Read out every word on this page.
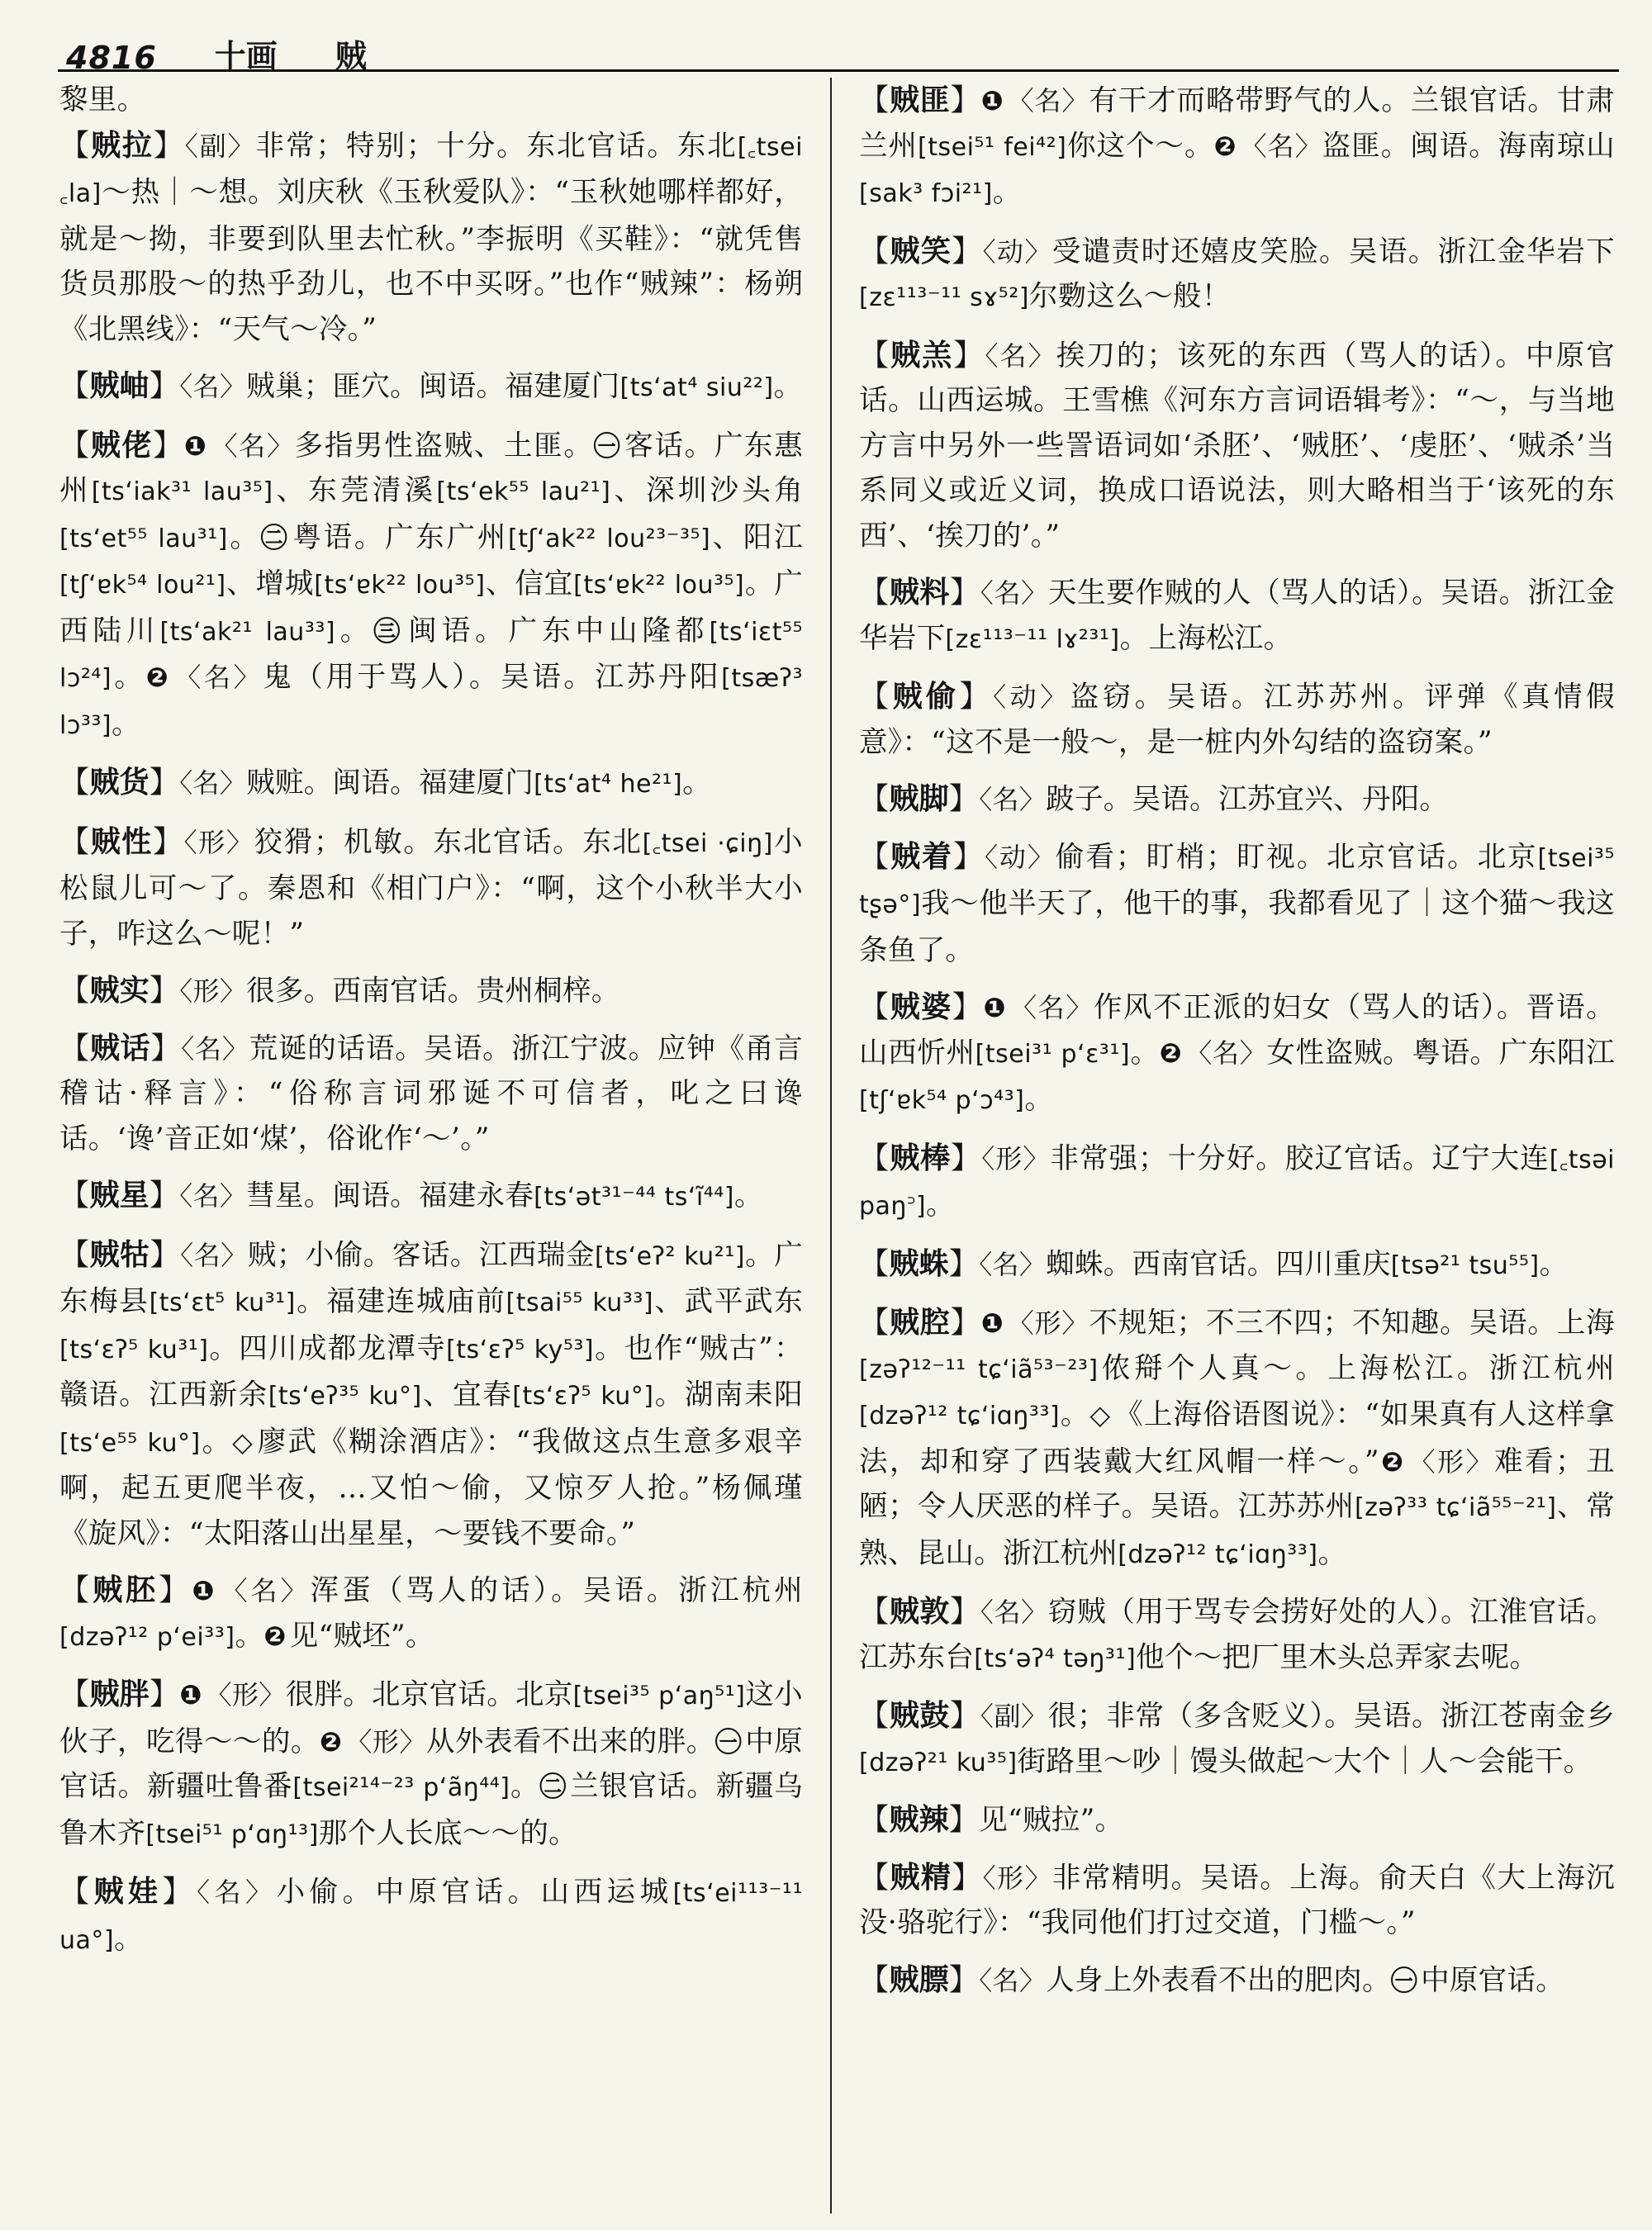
4816 十画 贼

黎里。

【贼拉】〈副〉非常；特别；十分。东北官话。东北[꜀tsei ꜀la]～热｜～想。刘庆秋《玉秋爱队》：“玉秋她哪样都好，就是～拗，非要到队里去忙秋。”李振明《买鞋》：“就凭售货员那股～的热乎劲儿，也不中买呀。”也作“贼辣”：杨朔《北黑线》：“天气～冷。”

【贼岫】〈名〉贼巢；匪穴。闽语。福建厦门[ts‘at⁴ siu²²]。

【贼佬】❶ 〈名〉多指男性盗贼、土匪。㊀ 客话。广东惠州[ts‘iak³¹ lau³⁵]、东莞清溪[ts‘ek⁵⁵ lau²¹]、深圳沙头角[ts‘et⁵⁵ lau³¹]。㊁ 粤语。广东广州[tʃ‘ak²² lou²³⁻³⁵]、阳江[tʃ‘ɐk⁵⁴ lou²¹]、增城[ts‘ɐk²² lou³⁵]、信宜[ts‘ɐk²² lou³⁵]。广西陆川[ts‘ak²¹ lau³³]。㊂ 闽语。广东中山隆都[ts‘iɛt⁵⁵ lɔ²⁴]。❷ 〈名〉鬼（用于骂人）。吴语。江苏丹阳[tsæʔ³ lɔ³³]。

【贼货】〈名〉贼赃。闽语。福建厦门[ts‘at⁴ he²¹]。

【贼性】〈形〉狡猾；机敏。东北官话。东北[꜀tsei ·ɕiŋ]小松鼠儿可～了。秦恩和《相门户》：“啊，这个小秋半大小子，咋这么～呢！”

【贼实】〈形〉很多。西南官话。贵州桐梓。

【贼话】〈名〉荒诞的话语。吴语。浙江宁波。应钟《甬言稽诂·释言》：“俗称言词邪诞不可信者，叱之曰谗话。‘谗’音正如‘煤’，俗讹作‘～’。”

【贼星】〈名〉彗星。闽语。福建永春[ts‘ət³¹⁻⁴⁴ ts‘ĩ⁴⁴]。

【贼牯】〈名〉贼；小偷。客话。江西瑞金[ts‘eʔ² ku²¹]。广东梅县[ts‘ɛt⁵ ku³¹]。福建连城庙前[tsai⁵⁵ ku³³]、武平武东[ts‘ɛʔ⁵ ku³¹]。四川成都龙潭寺[ts‘ɛʔ⁵ ky⁵³]。也作“贼古”：赣语。江西新余[ts‘eʔ³⁵ ku°]、宜春[ts‘ɛʔ⁵ ku°]。湖南耒阳[ts‘e⁵⁵ ku°]。◇ 廖武《糊涂酒店》：“我做这点生意多艰辛啊，起五更爬半夜，…又怕～偷，又惊歹人抢。”杨佩瑾《旋风》：“太阳落山出星星，～要钱不要命。”

【贼胚】❶ 〈名〉浑蛋（骂人的话）。吴语。浙江杭州[dzəʔ¹² p‘ei³³]。❷ 见“贼坯”。

【贼胖】❶ 〈形〉很胖。北京官话。北京[tsei³⁵ p‘aŋ⁵¹]这小伙子，吃得～～的。❷ 〈形〉从外表看不出来的胖。㊀ 中原官话。新疆吐鲁番[tsei²¹⁴⁻²³ p‘ãŋ⁴⁴]。㊁ 兰银官话。新疆乌鲁木齐[tsei⁵¹ p‘ɑŋ¹³]那个人长底～～的。

【贼娃】〈名〉小偷。中原官话。山西运城[ts‘ei¹¹³⁻¹¹ ua°]。

【贼匪】❶ 〈名〉有干才而略带野气的人。兰银官话。甘肃兰州[tsei⁵¹ fei⁴²]你这个～。❷ 〈名〉盗匪。闽语。海南琼山[sak³ fɔi²¹]。

【贼笑】〈动〉受谴责时还嬉皮笑脸。吴语。浙江金华岩下[zɛ¹¹³⁻¹¹ sɤ⁵²]尔覅这么～般！

【贼羔】〈名〉挨刀的；该死的东西（骂人的话）。中原官话。山西运城。王雪樵《河东方言词语辑考》：“～，与当地方言中另外一些詈语词如‘杀胚’、‘贼胚’、‘虔胚’、‘贼杀’当系同义或近义词，换成口语说法，则大略相当于‘该死的东西’、‘挨刀的’。”

【贼料】〈名〉天生要作贼的人（骂人的话）。吴语。浙江金华岩下[zɛ¹¹³⁻¹¹ lɤ²³¹]。上海松江。

【贼偷】〈动〉盗窃。吴语。江苏苏州。评弹《真情假意》：“这不是一般～，是一桩内外勾结的盗窃案。”

【贼脚】〈名〉跛子。吴语。江苏宜兴、丹阳。

【贼着】〈动〉偷看；盯梢；盯视。北京官话。北京[tsei³⁵ tʂə°]我～他半天了，他干的事，我都看见了｜这个猫～我这条鱼了。

【贼婆】❶ 〈名〉作风不正派的妇女（骂人的话）。晋语。山西忻州[tsei³¹ p‘ɛ³¹]。❷ 〈名〉女性盗贼。粤语。广东阳江[tʃ‘ɐk⁵⁴ p‘ɔ⁴³]。

【贼棒】〈形〉非常强；十分好。胶辽官话。辽宁大连[꜀tsəi paŋ꜄]。

【贼蛛】〈名〉蜘蛛。西南官话。四川重庆[tsə²¹ tsu⁵⁵]。

【贼腔】❶ 〈形〉不规矩；不三不四；不知趣。吴语。上海[zəʔ¹²⁻¹¹ tɕ‘iã⁵³⁻²³]侬搿个人真～。上海松江。浙江杭州[dzəʔ¹² tɕ‘iɑŋ³³]。◇ 《上海俗语图说》：“如果真有人这样拿法，却和穿了西装戴大红风帽一样～。”❷ 〈形〉难看；丑陋；令人厌恶的样子。吴语。江苏苏州[zəʔ³³ tɕ‘iã⁵⁵⁻²¹]、常熟、昆山。浙江杭州[dzəʔ¹² tɕ‘iɑŋ³³]。

【贼敦】〈名〉窃贼（用于骂专会捞好处的人）。江淮官话。江苏东台[ts‘əʔ⁴ təŋ³¹]他个～把厂里木头总弄家去呢。

【贼鼓】〈副〉很；非常（多含贬义）。吴语。浙江苍南金乡[dzəʔ²¹ ku³⁵]街路里～吵｜馒头做起～大个｜人～会能干。

【贼辣】见“贼拉”。

【贼精】〈形〉非常精明。吴语。上海。俞天白《大上海沉没·骆驼行》：“我同他们打过交道，门槛～。”

【贼膘】〈名〉人身上外表看不出的肥肉。㊀ 中原官话。
